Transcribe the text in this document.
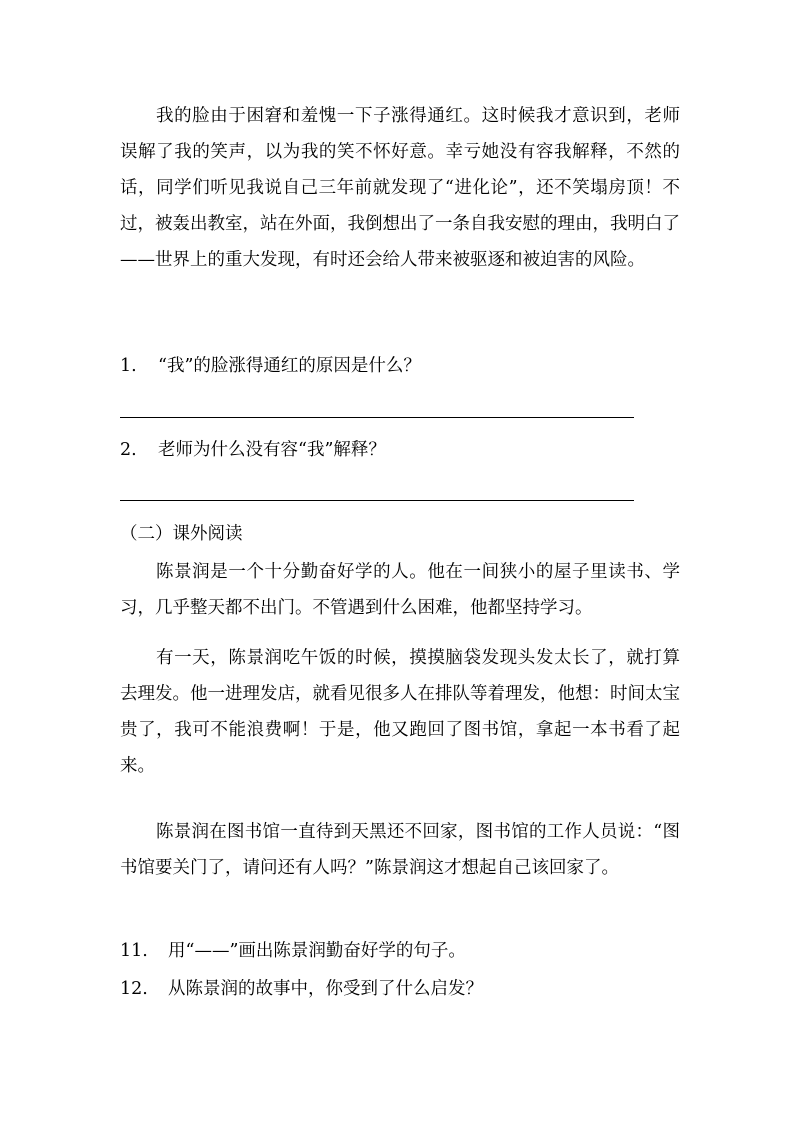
我的脸由于困窘和羞愧一下子涨得通红。这时候我才意识到，老师误解了我的笑声，以为我的笑不怀好意。幸亏她没有容我解释，不然的话，同学们听见我说自己三年前就发现了“进化论”，还不笑塌房顶！不过，被轰出教室，站在外面，我倒想出了一条自我安慰的理由，我明白了——世界上的重大发现，有时还会给人带来被驱逐和被迫害的风险。

1. “我”的脸涨得通红的原因是什么？

2. 老师为什么没有容“我”解释？

（二）课外阅读

陈景润是一个十分勤奋好学的人。他在一间狭小的屋子里读书、学习，几乎整天都不出门。不管遇到什么困难，他都坚持学习。

有一天，陈景润吃午饭的时候，摸摸脑袋发现头发太长了，就打算去理发。他一进理发店，就看见很多人在排队等着理发，他想：时间太宝贵了，我可不能浪费啊！于是，他又跑回了图书馆，拿起一本书看了起来。

陈景润在图书馆一直待到天黑还不回家，图书馆的工作人员说：“图书馆要关门了，请问还有人吗？”陈景润这才想起自己该回家了。

11. 用“——”画出陈景润勤奋好学的句子。

12. 从陈景润的故事中，你受到了什么启发？
